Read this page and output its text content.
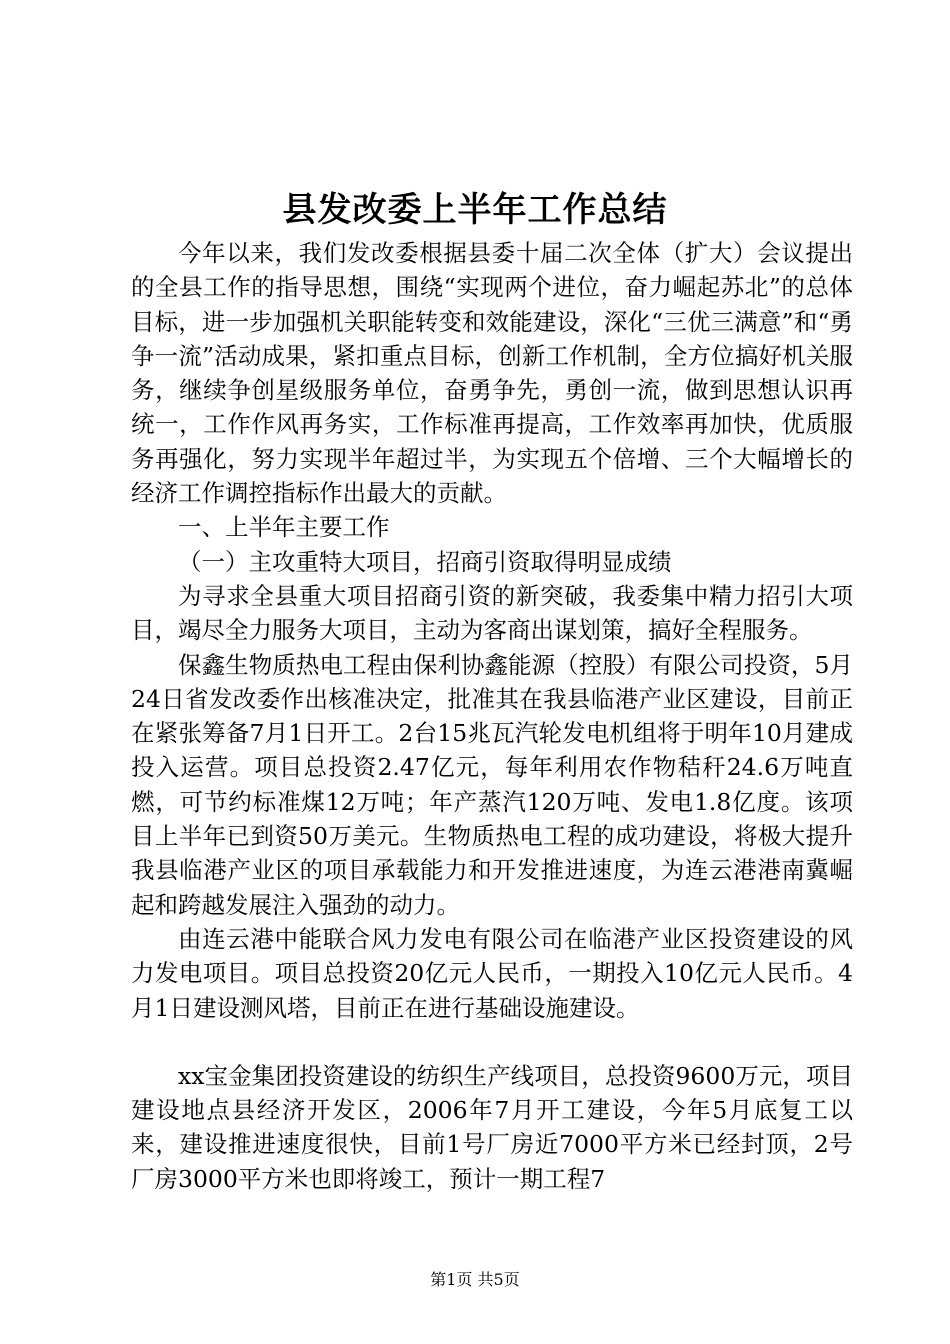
县发改委上半年工作总结

今年以来，我们发改委根据县委十届二次全体（扩大）会议提出的全县工作的指导思想，围绕“实现两个进位，奋力崛起苏北”的总体目标，进一步加强机关职能转变和效能建设，深化“三优三满意”和“勇争一流”活动成果，紧扣重点目标，创新工作机制，全方位搞好机关服务，继续争创星级服务单位，奋勇争先，勇创一流，做到思想认识再统一，工作作风再务实，工作标准再提高，工作效率再加快，优质服务再强化，努力实现半年超过半，为实现五个倍增、三个大幅增长的经济工作调控指标作出最大的贡献。

一、上半年主要工作

（一）主攻重特大项目，招商引资取得明显成绩

为寻求全县重大项目招商引资的新突破，我委集中精力招引大项目，竭尽全力服务大项目，主动为客商出谋划策，搞好全程服务。

保鑫生物质热电工程由保利协鑫能源（控股）有限公司投资，5月24日省发改委作出核准决定，批准其在我县临港产业区建设，目前正在紧张筹备7月1日开工。2台15兆瓦汽轮发电机组将于明年10月建成投入运营。项目总投资2.47亿元，每年利用农作物秸秆24.6万吨直燃，可节约标准煤12万吨；年产蒸汽120万吨、发电1.8亿度。该项目上半年已到资50万美元。生物质热电工程的成功建设，将极大提升我县临港产业区的项目承载能力和开发推进速度，为连云港港南冀崛起和跨越发展注入强劲的动力。

由连云港中能联合风力发电有限公司在临港产业区投资建设的风力发电项目。项目总投资20亿元人民币，一期投入10亿元人民币。4月1日建设测风塔，目前正在进行基础设施建设。

xx宝金集团投资建设的纺织生产线项目，总投资9600万元，项目建设地点县经济开发区，2006年7月开工建设，今年5月底复工以来，建设推进速度很快，目前1号厂房近7000平方米已经封顶，2号厂房3000平方米也即将竣工，预计一期工程7

第1页 共5页
